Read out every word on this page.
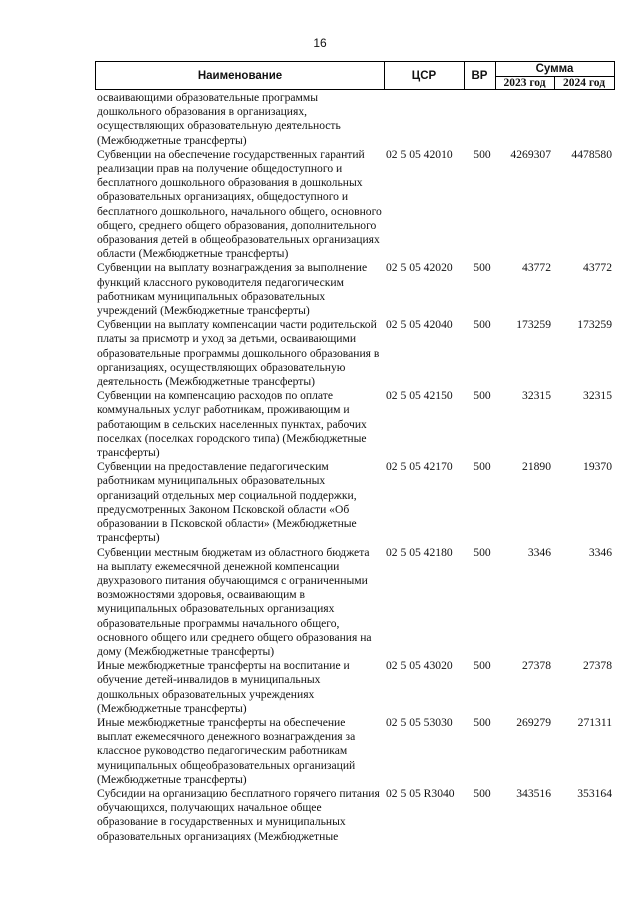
16
Наименование	ЦСР	ВР
Сумма
2023 год	2024 год
осваивающими образовательные программы дошкольного образования в организациях, осуществляющих образовательную деятельность (Межбюджетные трансферты)
Субвенции на обеспечение государственных гарантий реализации прав на получение общедоступного и бесплатного дошкольного образования в дошкольных образовательных организациях, общедоступного и бесплатного дошкольного, начального общего, основного общего, среднего общего образования, дополнительного образования детей в общеобразовательных организациях области (Межбюджетные трансферты)
02 5 05 42010	500	4269307	4478580
Субвенции на выплату вознаграждения за выполнение функций классного руководителя педагогическим работникам муниципальных образовательных учреждений (Межбюджетные трансферты)
02 5 05 42020	500	43772	43772
Субвенции на выплату компенсации части родительской платы за присмотр и уход за детьми, осваивающими образовательные программы дошкольного образования в организациях, осуществляющих образовательную деятельность (Межбюджетные трансферты)
02 5 05 42040	500	173259	173259
Субвенции на компенсацию расходов по оплате коммунальных услуг работникам, проживающим и работающим в сельских населенных пунктах, рабочих поселках (поселках городского типа) (Межбюджетные трансферты)
02 5 05 42150	500	32315	32315
Субвенции на предоставление педагогическим работникам муниципальных образовательных организаций отдельных мер социальной поддержки, предусмотренных Законом Псковской области «Об образовании в Псковской области» (Межбюджетные трансферты)
02 5 05 42170	500	21890	19370
Субвенции местным бюджетам из областного бюджета на выплату ежемесячной денежной компенсации двухразового питания обучающимся с ограниченными возможностями здоровья, осваивающим в муниципальных образовательных организациях образовательные программы начального общего, основного общего или среднего общего образования на дому (Межбюджетные трансферты)
02 5 05 42180	500	3346	3346
Иные межбюджетные трансферты на воспитание и обучение детей-инвалидов в муниципальных дошкольных образовательных учреждениях (Межбюджетные трансферты)
02 5 05 43020	500	27378	27378
Иные межбюджетные трансферты на обеспечение выплат ежемесячного денежного вознаграждения за классное руководство педагогическим работникам муниципальных общеобразовательных организаций (Межбюджетные трансферты)
02 5 05 53030	500	269279	271311
Субсидии на организацию бесплатного горячего питания обучающихся, получающих начальное общее образование в государственных и муниципальных образовательных организациях (Межбюджетные
02 5 05 R3040	500	343516	353164
